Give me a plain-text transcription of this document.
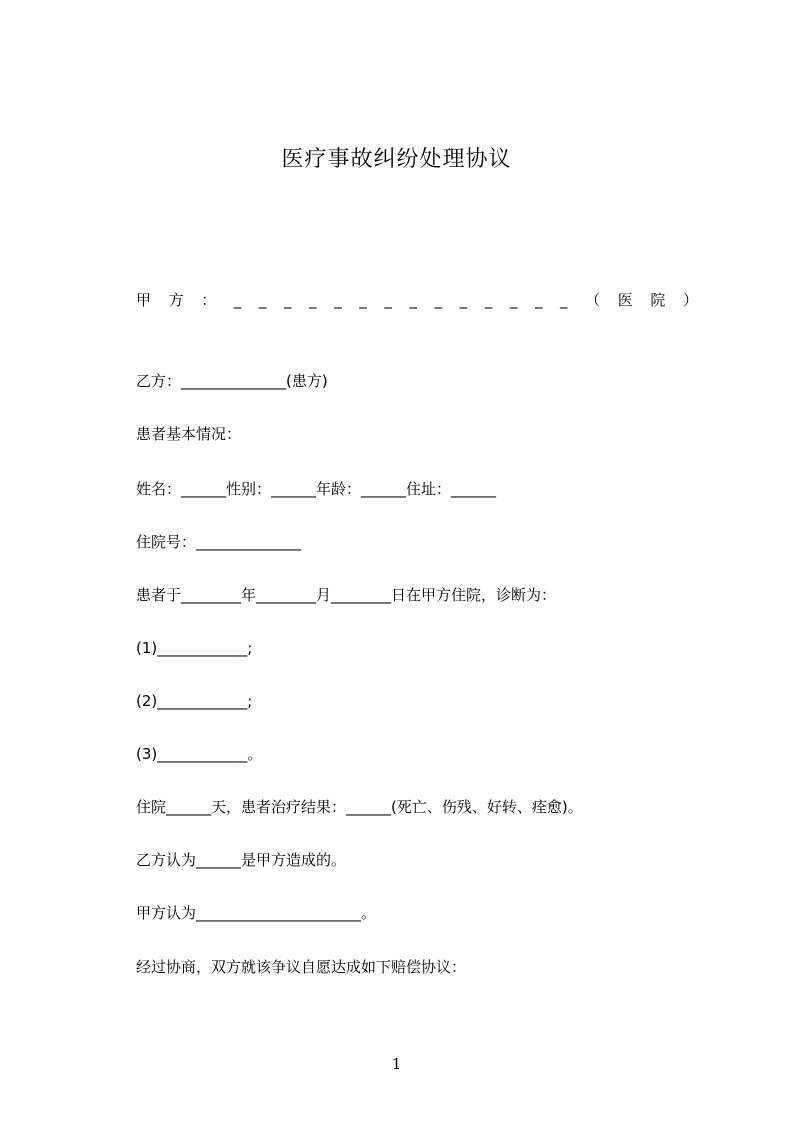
医疗事故纠纷处理协议
甲 方 ： _ _ _ _ _ _ _ _ _ _ _ _ _ _ （ 医 院 ）
乙方：______________(患方)
患者基本情况：
姓名：______性别：______年龄：______住址：______
住院号：______________
患者于________年________月________日在甲方住院，诊断为：
(1)____________;
(2)____________;
(3)____________。
住院______天，患者治疗结果：______(死亡、伤残、好转、痊愈)。
乙方认为______是甲方造成的。
甲方认为______________________。
经过协商，双方就该争议自愿达成如下赔偿协议：
1
